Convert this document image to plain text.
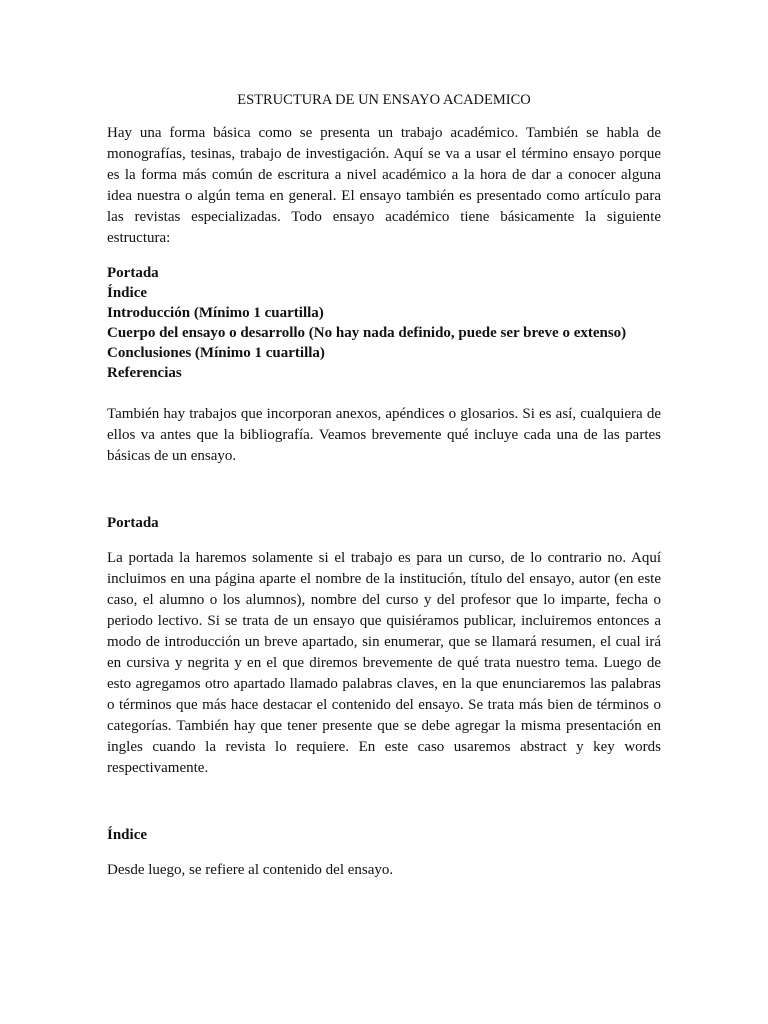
ESTRUCTURA DE UN ENSAYO ACADEMICO

Hay una forma básica como se presenta un trabajo académico. También se habla de monografías, tesinas, trabajo de investigación. Aquí se va a usar el término ensayo porque es la forma más común de escritura a nivel académico a la hora de dar a conocer alguna idea nuestra o algún tema en general. El ensayo también es presentado como artículo para las revistas especializadas. Todo ensayo académico tiene básicamente la siguiente estructura:

Portada
Índice
Introducción (Mínimo 1 cuartilla)
Cuerpo del ensayo o desarrollo (No hay nada definido, puede ser breve o extenso)
Conclusiones (Mínimo 1 cuartilla)
Referencias

También hay trabajos que incorporan anexos, apéndices o glosarios. Si es así, cualquiera de ellos va antes que la bibliografía. Veamos brevemente qué incluye cada una de las partes básicas de un ensayo.

Portada

La portada la haremos solamente si el trabajo es para un curso, de lo contrario no. Aquí incluimos en una página aparte el nombre de la institución, título del ensayo, autor (en este caso, el alumno o los alumnos), nombre del curso y del profesor que lo imparte, fecha o periodo lectivo. Si se trata de un ensayo que quisiéramos publicar, incluiremos entonces a modo de introducción un breve apartado, sin enumerar, que se llamará resumen, el cual irá en cursiva y negrita y en el que diremos brevemente de qué trata nuestro tema. Luego de esto agregamos otro apartado llamado palabras claves, en la que enunciaremos las palabras o términos que más hace destacar el contenido del ensayo. Se trata más bien de términos o categorías. También hay que tener presente que se debe agregar la misma presentación en ingles cuando la revista lo requiere. En este caso usaremos abstract y key words respectivamente.

Índice

Desde luego, se refiere al contenido del ensayo.
